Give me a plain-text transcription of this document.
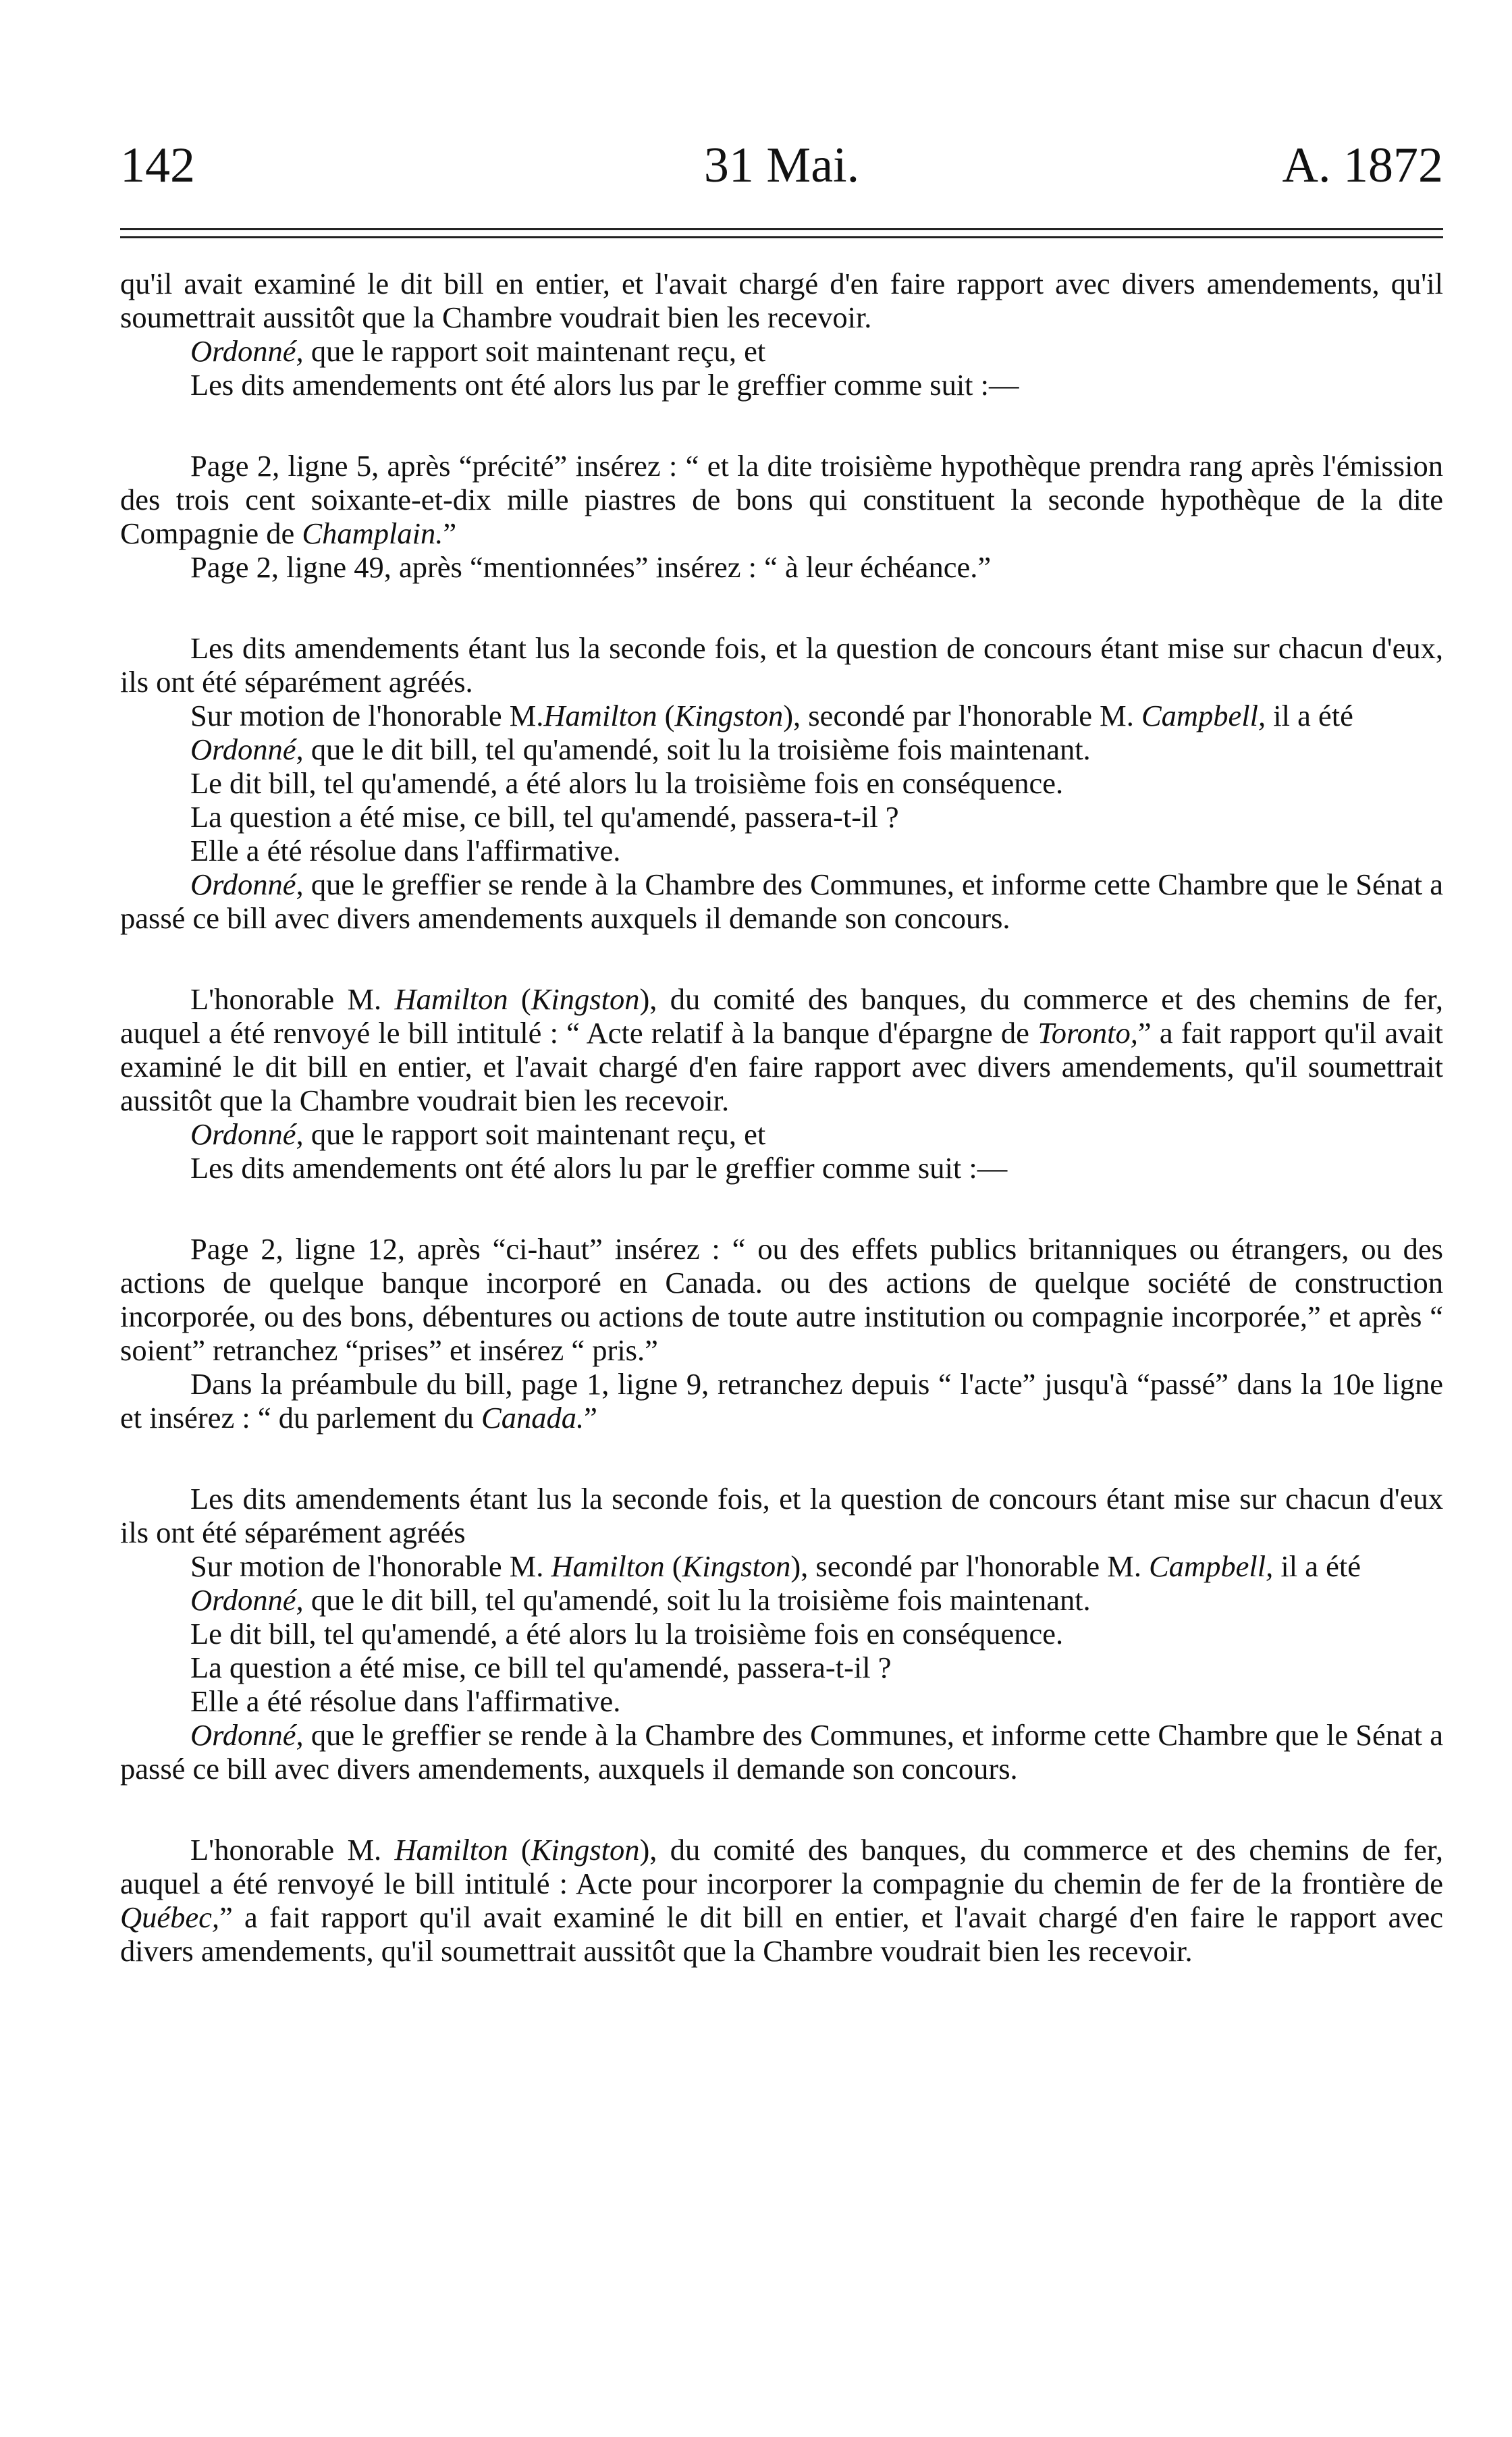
142	31 Mai.	A. 1872

qu'il avait examiné le dit bill en entier, et l'avait chargé d'en faire rapport avec divers amendements, qu'il soumettrait aussitôt que la Chambre voudrait bien les recevoir.

Ordonné, que le rapport soit maintenant reçu, et

Les dits amendements ont été alors lus par le greffier comme suit :—

Page 2, ligne 5, après “précité” insérez : “ et la dite troisième hypothèque prendra rang après l'émission des trois cent soixante-et-dix mille piastres de bons qui constituent la seconde hypothèque de la dite Compagnie de Champlain.”

Page 2, ligne 49, après “mentionnées” insérez : “ à leur échéance.”

Les dits amendements étant lus la seconde fois, et la question de concours étant mise sur chacun d'eux, ils ont été séparément agréés.

Sur motion de l'honorable M.Hamilton (Kingston), secondé par l'honorable M. Campbell, il a été

Ordonné, que le dit bill, tel qu'amendé, soit lu la troisième fois maintenant.

Le dit bill, tel qu'amendé, a été alors lu la troisième fois en conséquence.

La question a été mise, ce bill, tel qu'amendé, passera-t-il ?

Elle a été résolue dans l'affirmative.

Ordonné, que le greffier se rende à la Chambre des Communes, et informe cette Chambre que le Sénat a passé ce bill avec divers amendements auxquels il demande son concours.

L'honorable M. Hamilton (Kingston), du comité des banques, du commerce et des chemins de fer, auquel a été renvoyé le bill intitulé : “ Acte relatif à la banque d'épargne de Toronto,” a fait rapport qu'il avait examiné le dit bill en entier, et l'avait chargé d'en faire rapport avec divers amendements, qu'il soumettrait aussitôt que la Chambre voudrait bien les recevoir.

Ordonné, que le rapport soit maintenant reçu, et

Les dits amendements ont été alors lu par le greffier comme suit :—

Page 2, ligne 12, après “ci-haut” insérez : “ ou des effets publics britanniques ou étrangers, ou des actions de quelque banque incorporé en Canada. ou des actions de quelque société de construction incorporée, ou des bons, débentures ou actions de toute autre institution ou compagnie incorporée,” et après “ soient” retranchez “prises” et insérez “ pris.”

Dans la préambule du bill, page 1, ligne 9, retranchez depuis “ l'acte” jusqu'à “passé” dans la 10e ligne et insérez : “ du parlement du Canada.”

Les dits amendements étant lus la seconde fois, et la question de concours étant mise sur chacun d'eux ils ont été séparément agréés

Sur motion de l'honorable M. Hamilton (Kingston), secondé par l'honorable M. Campbell, il a été

Ordonné, que le dit bill, tel qu'amendé, soit lu la troisième fois maintenant.

Le dit bill, tel qu'amendé, a été alors lu la troisième fois en conséquence.

La question a été mise, ce bill tel qu'amendé, passera-t-il ?

Elle a été résolue dans l'affirmative.

Ordonné, que le greffier se rende à la Chambre des Communes, et informe cette Chambre que le Sénat a passé ce bill avec divers amendements, auxquels il demande son concours.

L'honorable M. Hamilton (Kingston), du comité des banques, du commerce et des chemins de fer, auquel a été renvoyé le bill intitulé : Acte pour incorporer la compagnie du chemin de fer de la frontière de Québec,” a fait rapport qu'il avait examiné le dit bill en entier, et l'avait chargé d'en faire le rapport avec divers amendements, qu'il soumettrait aussitôt que la Chambre voudrait bien les recevoir.
